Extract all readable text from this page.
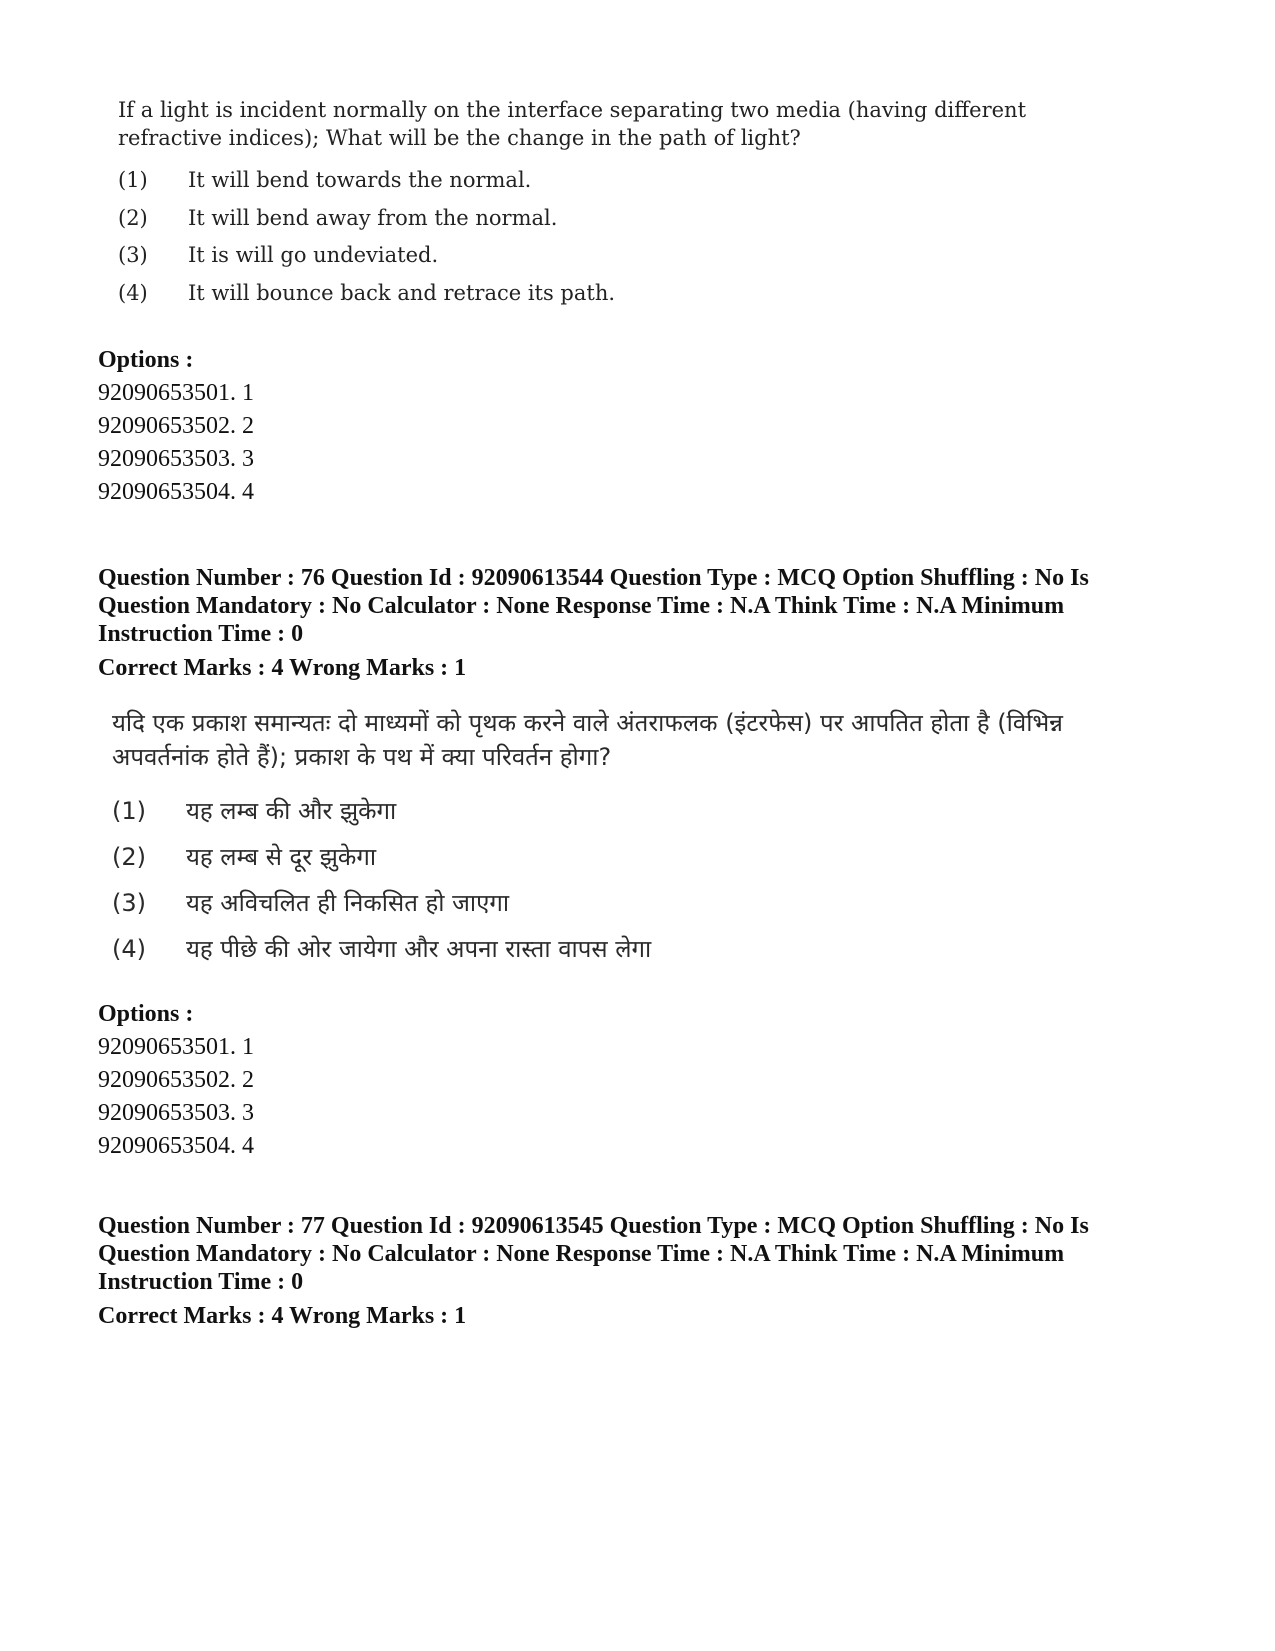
If a light is incident normally on the interface separating two media (having different refractive indices); What will be the change in the path of light?

(1) It will bend towards the normal.
(2) It will bend away from the normal.
(3) It is will go undeviated.
(4) It will bounce back and retrace its path.
Options :
92090653501. 1
92090653502. 2
92090653503. 3
92090653504. 4

Question Number : 76 Question Id : 92090613544 Question Type : MCQ Option Shuffling : No Is Question Mandatory : No Calculator : None Response Time : N.A Think Time : N.A Minimum Instruction Time : 0

Correct Marks : 4 Wrong Marks : 1

यदि एक प्रकाश समान्यतः दो माध्यमों को पृथक करने वाले अंतराफलक (इंटरफेस) पर आपतित होता है (विभिन्न अपवर्तनांक होते हैं); प्रकाश के पथ में क्या परिवर्तन होगा?

(1) यह लम्ब की और झुकेगा
(2) यह लम्ब से दूर झुकेगा
(3) यह अविचलित ही निकसित हो जाएगा
(4) यह पीछे की ओर जायेगा और अपना रास्ता वापस लेगा
Options :
92090653501. 1
92090653502. 2
92090653503. 3
92090653504. 4

Question Number : 77 Question Id : 92090613545 Question Type : MCQ Option Shuffling : No Is Question Mandatory : No Calculator : None Response Time : N.A Think Time : N.A Minimum Instruction Time : 0

Correct Marks : 4 Wrong Marks : 1
